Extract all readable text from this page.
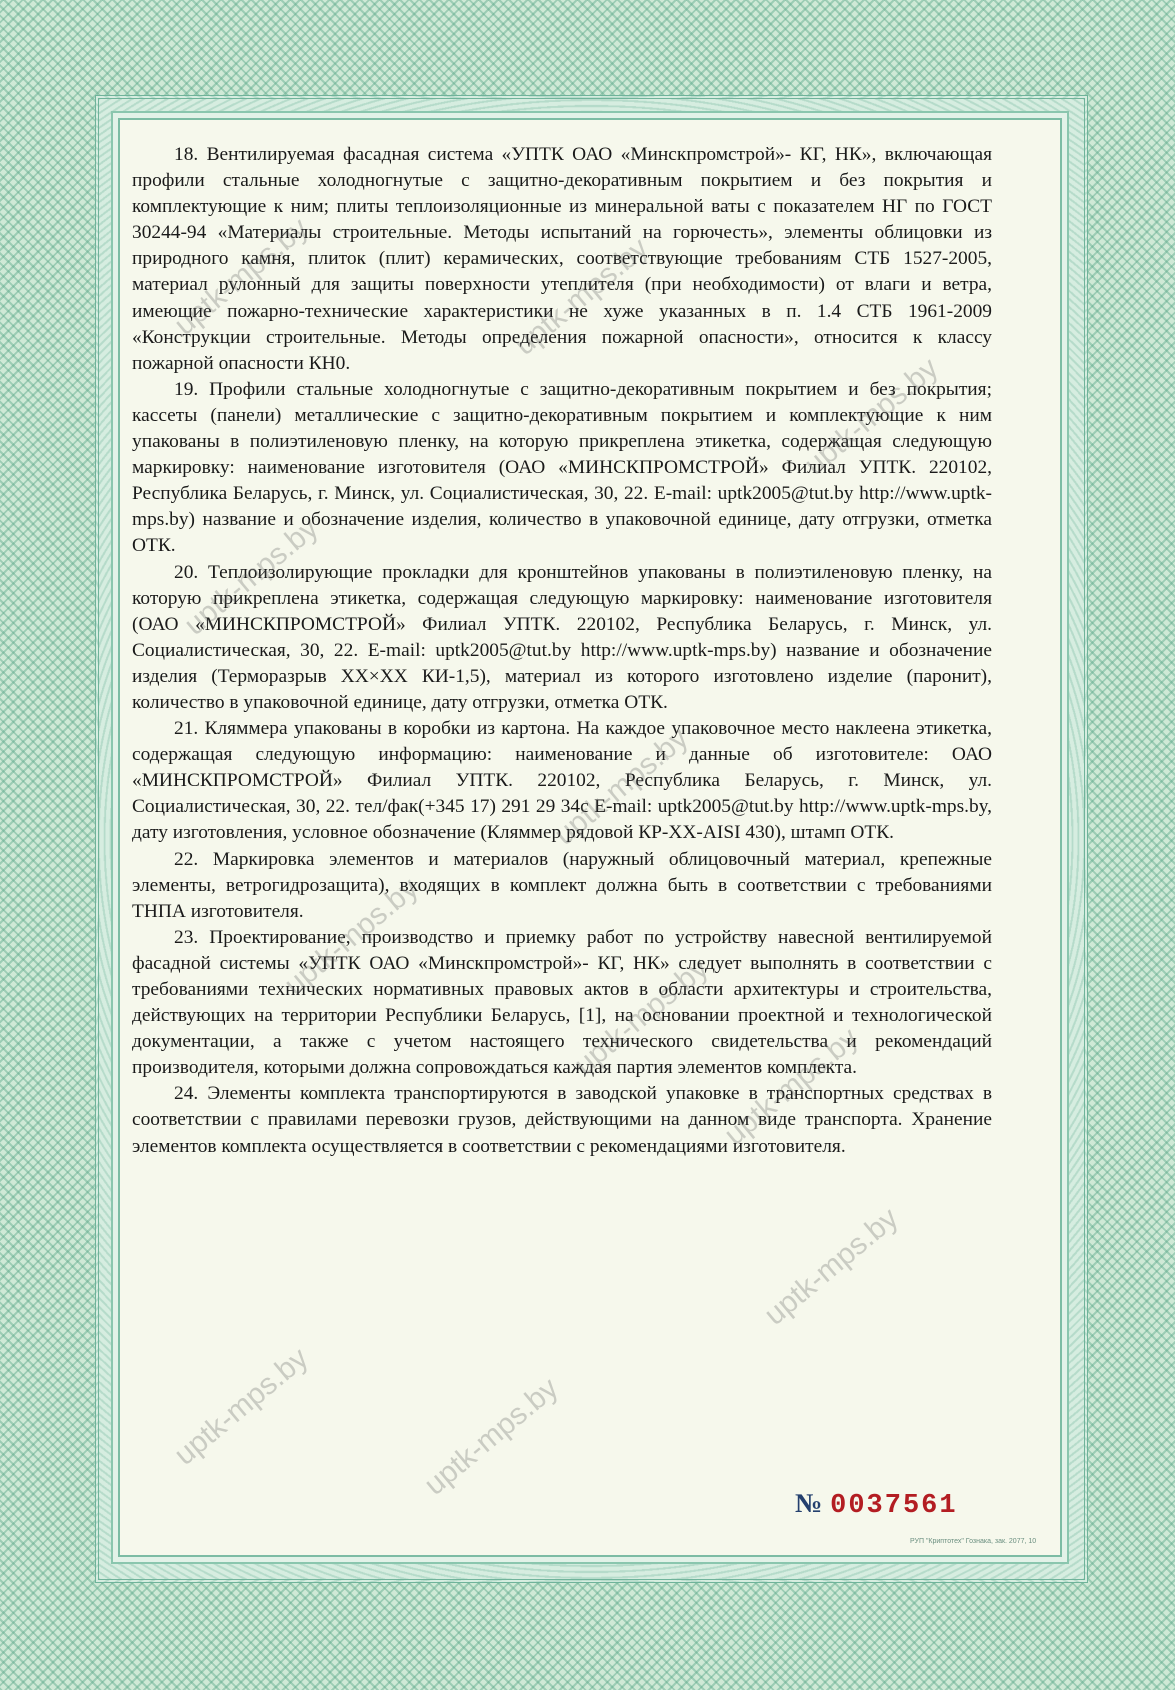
18. Вентилируемая фасадная система «УПТК ОАО «Минскпромстрой»- КГ, НК», включающая профили стальные холодногнутые с защитно-декоративным покрытием и без покрытия и комплектующие к ним; плиты теплоизоляционные из минеральной ваты с показателем НГ по ГОСТ 30244-94 «Материалы строительные. Методы испытаний на горючесть», элементы облицовки из природного камня, плиток (плит) керамических, соответствующие требованиям СТБ 1527-2005, материал рулонный для защиты поверхности утеплителя (при необходимости) от влаги и ветра, имеющие пожарно-технические характеристики не хуже указанных в п. 1.4 СТБ 1961-2009 «Конструкции строительные. Методы определения пожарной опасности», относится к классу пожарной опасности КН0.

19. Профили стальные холодногнутые с защитно-декоративным покрытием и без покрытия; кассеты (панели) металлические с защитно-декоративным покрытием и комплектующие к ним упакованы в полиэтиленовую пленку, на которую прикреплена этикетка, содержащая следующую маркировку: наименование изготовителя (ОАО «МИНСКПРОМСТРОЙ» Филиал УПТК. 220102, Республика Беларусь, г. Минск, ул. Социалистическая, 30, 22. E-mail: uptk2005@tut.by http://www.uptk-mps.by) название и обозначение изделия, количество в упаковочной единице, дату отгрузки, отметка ОТК.

20. Теплоизолирующие прокладки для кронштейнов упакованы в полиэтиленовую пленку, на которую прикреплена этикетка, содержащая следующую маркировку: наименование изготовителя (ОАО «МИНСКПРОМСТРОЙ» Филиал УПТК. 220102, Республика Беларусь, г. Минск, ул. Социалистическая, 30, 22. E-mail: uptk2005@tut.by http://www.uptk-mps.by) название и обозначение изделия (Терморазрыв XX×XX КИ-1,5), материал из которого изготовлено изделие (паронит), количество в упаковочной единице, дату отгрузки, отметка ОТК.

21. Кляммера упакованы в коробки из картона. На каждое упаковочное место наклеена этикетка, содержащая следующую информацию: наименование и данные об изготовителе: ОАО «МИНСКПРОМСТРОЙ» Филиал УПТК. 220102, Республика Беларусь, г. Минск, ул. Социалистическая, 30, 22. тел/фак(+345 17) 291 29 34с E-mail: uptk2005@tut.by http://www.uptk-mps.by, дату изготовления, условное обозначение (Кляммер рядовой КР-XX-AISI 430), штамп ОТК.

22. Маркировка элементов и материалов (наружный облицовочный материал, крепежные элементы, ветрогидрозащита), входящих в комплект должна быть в соответствии с требованиями ТНПА изготовителя.

23. Проектирование, производство и приемку работ по устройству навесной вентилируемой фасадной системы «УПТК ОАО «Минскпромстрой»- КГ, НК» следует выполнять в соответствии с требованиями технических нормативных правовых актов в области архитектуры и строительства, действующих на территории Республики Беларусь, [1], на основании проектной и технологической документации, а также с учетом настоящего технического свидетельства и рекомендаций производителя, которыми должна сопровождаться каждая партия элементов комплекта.

24. Элементы комплекта транспортируются в заводской упаковке в транспортных средствах в соответствии с правилами перевозки грузов, действующими на данном виде транспорта. Хранение элементов комплекта осуществляется в соответствии с рекомендациями изготовителя.

uptk-mps.by	uptk-mps.by
uptk-mps.by
uptk-mps.by
uptk-mps.by
uptk-mps.by
uptk-mps.by
uptk-mps.by
uptk-mps.by	uptk-mps.by
uptk-mps.by
№ 0037561
РУП "Криптотех" Гознака, зак. 2077, 10
